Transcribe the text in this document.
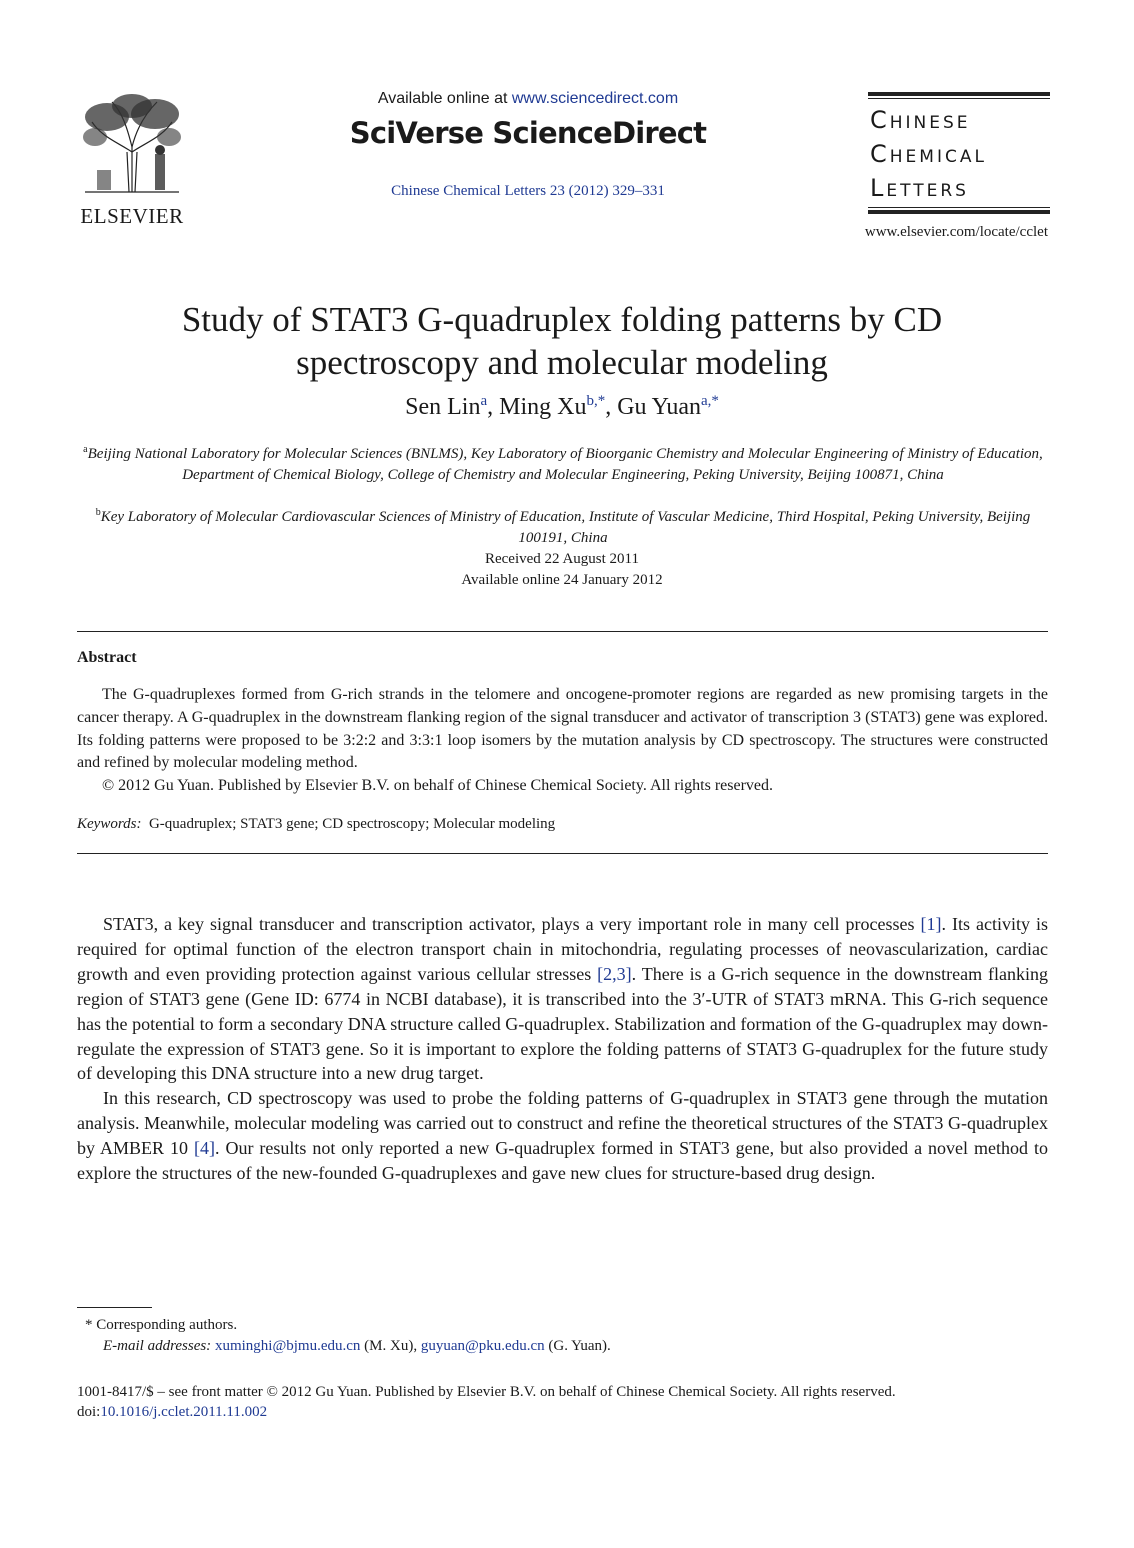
ELSEVIER
Available online at www.sciencedirect.com
SciVerse ScienceDirect
Chinese Chemical Letters 23 (2012) 329–331
Chinese
Chemical
Letters
www.elsevier.com/locate/cclet
Study of STAT3 G-quadruplex folding patterns by CD
spectroscopy and molecular modeling
Sen Lin$^a$, Ming $Xu^{b,*}$, Gu Yuan$^{a,*}$
$^a$Beijing National Laboratory for Molecular Sciences (BNLMS), Key Laboratory of Bioorganic Chemistry and Molecular Engineering of Ministry of Education, Department of Chemical Biology, College of Chemistry and Molecular Engineering, Peking University, Beijing 100871, China
$^b$Key Laboratory of Molecular Cardiovascular Sciences of Ministry of Education, Institute of Vascular Medicine, Third Hospital, Peking University, Beijing 100191, China
Received 22 August 2011
Available online 24 January 2012
Abstract

The G-quadruplexes formed from G-rich strands in the telomere and oncogene-promoter regions are regarded as new promising targets in the cancer therapy. A G-quadruplex in the downstream flanking region of the signal transducer and activator of transcription 3 (STAT3) gene was explored. Its folding patterns were proposed to be 3:2:2 and 3:3:1 loop isomers by the mutation analysis by CD spectroscopy. The structures were constructed and refined by molecular modeling method.

© 2012 Gu Yuan. Published by Elsevier B.V. on behalf of Chinese Chemical Society. All rights reserved.

Keywords: G-quadruplex; STAT3 gene; CD spectroscopy; Molecular modeling

STAT3, a key signal transducer and transcription activator, plays a very important role in many cell processes [1]. Its activity is required for optimal function of the electron transport chain in mitochondria, regulating processes of neovascularization, cardiac growth and even providing protection against various cellular stresses [2,3]. There is a G-rich sequence in the downstream flanking region of STAT3 gene (Gene ID: 6774 in NCBI database), it is transcribed into the 3′-UTR of STAT3 mRNA. This G-rich sequence has the potential to form a secondary DNA structure called G-quadruplex. Stabilization and formation of the G-quadruplex may down-regulate the expression of STAT3 gene. So it is important to explore the folding patterns of STAT3 G-quadruplex for the future study of developing this DNA structure into a new drug target.

In this research, CD spectroscopy was used to probe the folding patterns of G-quadruplex in STAT3 gene through the mutation analysis. Meanwhile, molecular modeling was carried out to construct and refine the theoretical structures of the STAT3 G-quadruplex by AMBER 10 [4]. Our results not only reported a new G-quadruplex formed in STAT3 gene, but also provided a novel method to explore the structures of the new-founded G-quadruplexes and gave new clues for structure-based drug design.

* Corresponding authors.
E-mail addresses: xuminghi@bjmu.edu.cn (M. Xu), guyuan@pku.edu.cn (G. Yuan).
1001-8417/$ – see front matter © 2012 Gu Yuan. Published by Elsevier B.V. on behalf of Chinese Chemical Society. All rights reserved.
doi:10.1016/j.cclet.2011.11.002
